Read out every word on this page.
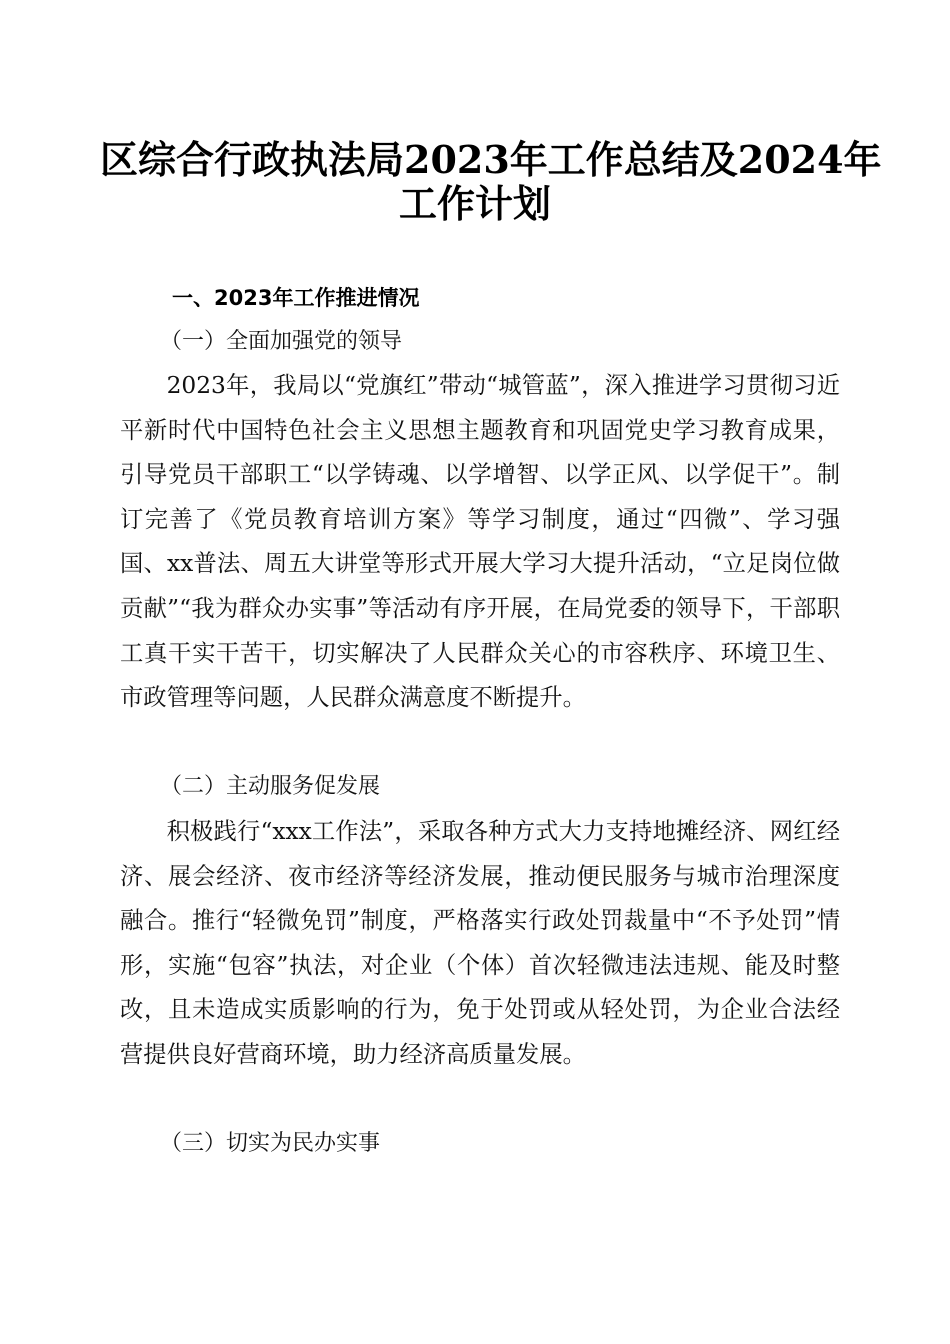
区综合行政执法局2023年工作总结及2024年
工作计划
一、2023年工作推进情况
（一）全面加强党的领导

2023年，我局以“党旗红”带动“城管蓝”，深入推进学习贯彻习近平新时代中国特色社会主义思想主题教育和巩固党史学习教育成果，引导党员干部职工“以学铸魂、以学增智、以学正风、以学促干”。制订完善了《党员教育培训方案》等学习制度，通过“四微”、学习强国、xx普法、周五大讲堂等形式开展大学习大提升活动，“立足岗位做贡献”“我为群众办实事”等活动有序开展，在局党委的领导下，干部职工真干实干苦干，切实解决了人民群众关心的市容秩序、环境卫生、市政管理等问题，人民群众满意度不断提升。

（二）主动服务促发展

积极践行“xxx工作法”，采取各种方式大力支持地摊经济、网红经济、展会经济、夜市经济等经济发展，推动便民服务与城市治理深度融合。推行“轻微免罚”制度，严格落实行政处罚裁量中“不予处罚”情形，实施“包容”执法，对企业（个体）首次轻微违法违规、能及时整改，且未造成实质影响的行为，免于处罚或从轻处罚，为企业合法经营提供良好营商环境，助力经济高质量发展。

（三）切实为民办实事
